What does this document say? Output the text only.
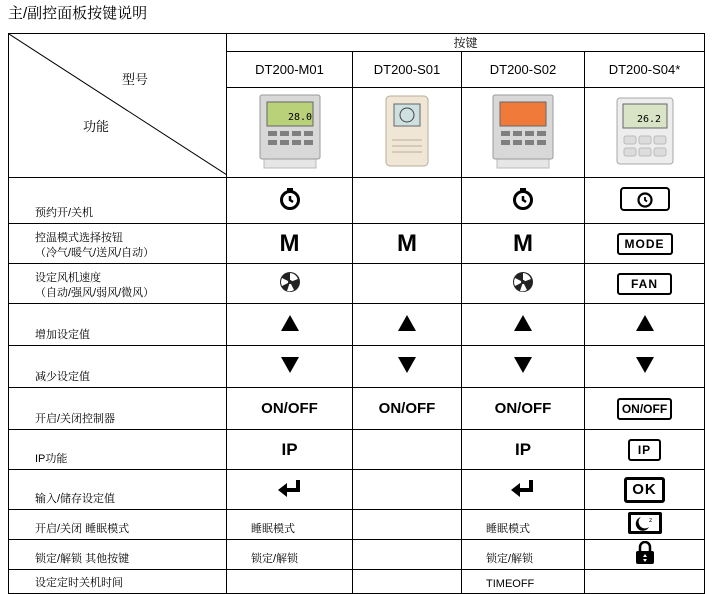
主/副控面板按键说明
型号
功能	按键			
	DT200-M01	DT200-S01	DT200-S02	DT200-S04*

28.0			26.2

预约开/关机				

控温模式选择按钮
（冷气/暖气/送风/自动）	M	M	M	MODE

设定风机速度
（自动/强风/弱风/微风）				FAN
增加设定值				
减少设定值				
开启/关闭控制器	ON/OFF	ON/OFF	ON/OFF	ON/OFF
IP功能	IP		IP	IP
输入/储存设定值				OK
开启/关闭 睡眠模式	睡眠模式		睡眠模式	z

锁定/解锁 其他按键	锁定/解锁		锁定/解锁	
设定定时关机时间			TIMEOFF	
